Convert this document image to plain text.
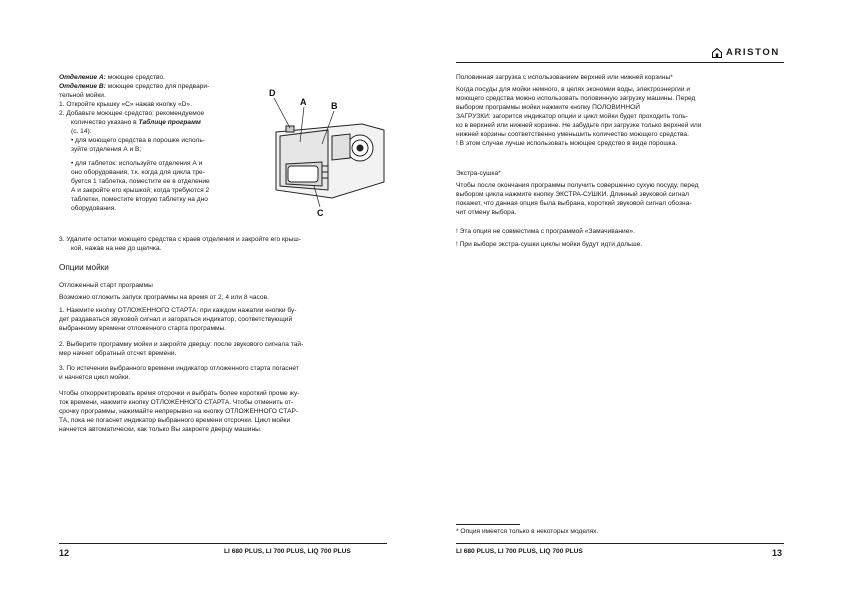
Отделение А: моющее средство.

Отделение В: моющее средство для предвари-

тельной мойки.

1. Откройте крышку «С» нажав кнопку «D».

2. Добавьте моющее средство: рекомендуемое

количество указано в Таблице программ

(с. 14):

• для моющего средства в порошке исполь-

зуйте отделения А и В;

• для таблеток: используйте отделения А и

оно оборудования, т.к. когда для цикла тре-

буется 1 таблетка, поместите ее в отделение

А и закройте его крышкой; когда требуются 2

таблетки, поместите вторую таблетку на дно

оборудования.

3. Удалите остатки моющего средства с краев отделения и закройте его крыш-

кой, нажав на нее до щелчка.

D
A	B
C

Опции мойки

Отложенный старт программы

Возможно отложить запуск программы на время от 2, 4 или 8 часов.

1. Нажмите кнопку ОТЛОЖЕННОГО СТАРТА: при каждом нажатии кнопки бу-

дет раздаваться звуковой сигнал и загораться индикатор, соответствующий

выбранному времени отложенного старта программы.

2. Выберите программу мойки и закройте дверцу: после звукового сигнала тай-

мер начнет обратный отсчет времени.

3. По истечении выбранного времени индикатор отложенного старта погаснет

и начнется цикл мойки.

Чтобы откорректировать время отсрочки и выбрать более короткий проме жу-

ток времени, нажмите кнопку ОТЛОЖЕННОГО СТАРТА. Чтобы отменить от-

срочку программы, нажимайте непрерывно на кнопку ОТЛОЖЕННОГО СТАР-

ТА, пока не погаснет индикатор выбранного времени отсрочки. Цикл мойки

начнется автоматически, как только Вы закроете дверцу машины.

12	LI 680 PLUS, LI 700 PLUS, LIQ 700 PLUS
ARISTON

Половинная загрузка с использованием верхней или нижней корзины*

Когда посуды для мойки немного, в целях экономии воды, электроэнергии и

моющего средства можно использовать половинную загрузку машины. Перед

выбором программы мойки нажмите кнопку ПОЛОВИННОЙ

ЗАГРУЗКИ: загорится индикатор опции и цикл мойки будет проходить толь-

ко в верхней или нижней корзине. Не забудьте при загрузке только верхней или

нижней корзины соответственно уменьшить количество моющего средства.

! В этом случае лучше использовать моющее средство в виде порошка.

Экстра-сушка*

Чтобы после окончания программы получить совершенно сухую посуду, перед

выбором цикла нажмите кнопку ЭКСТРА-СУШКИ. Длинный звуковой сигнал

покажет, что данная опция была выбрана, короткий звуковой сигнал обозна-

чит отмену выбора.

! Эта опция не совместима с программой «Замачивание».

! При выборе экстра-сушки циклы мойки будут идти дольше.

* Опция имеется только в некоторых моделях.

LI 680 PLUS, LI 700 PLUS, LIQ 700 PLUS	13
